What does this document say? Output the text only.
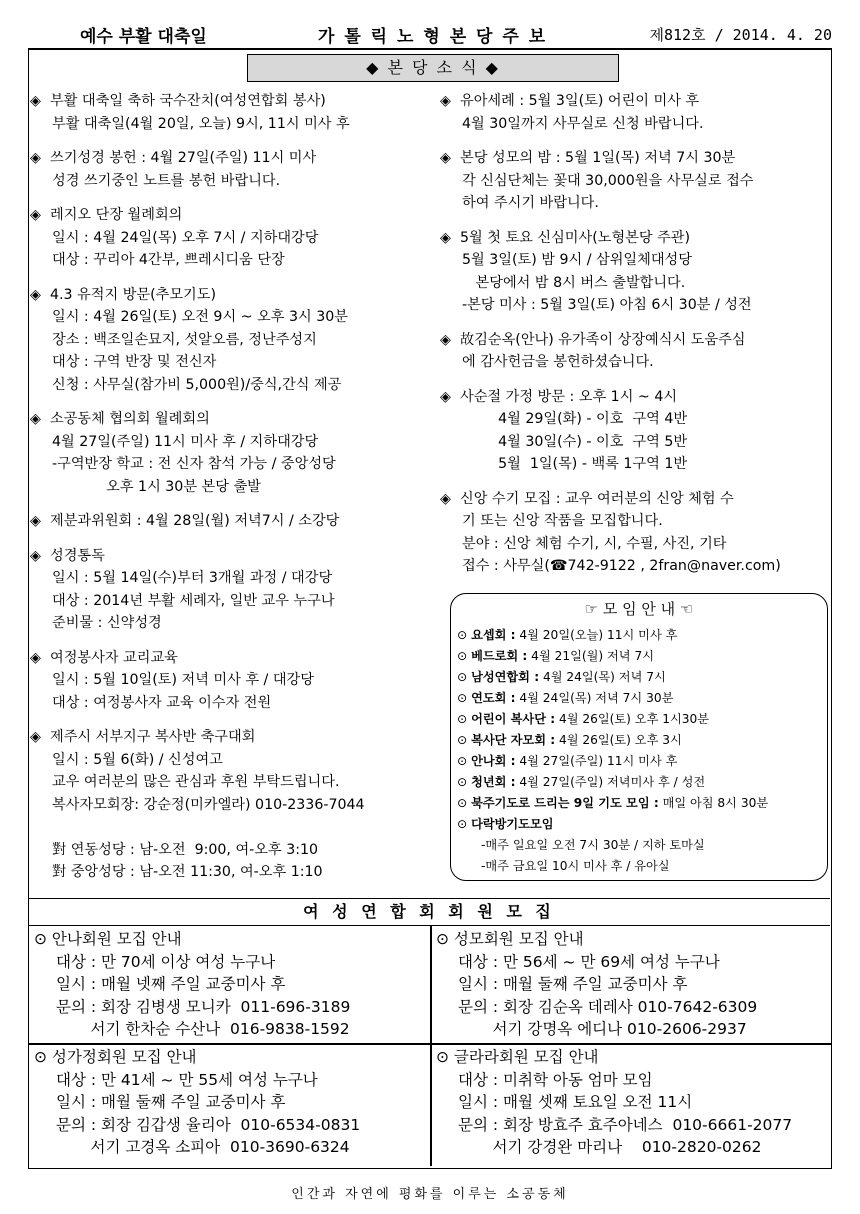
예수 부활 대축일	가 톨 릭 노 형 본 당 주 보	제812호 / 2014. 4. 20
◆ 본 당 소 식 ◆
◈ 부활 대축일 축하 국수잔치(여성연합회 봉사)
부활 대축일(4월 20일, 오늘) 9시, 11시 미사 후
◈ 쓰기성경 봉헌 : 4월 27일(주일) 11시 미사
성경 쓰기중인 노트를 봉헌 바랍니다.
◈ 레지오 단장 월례회의
일시 : 4월 24일(목) 오후 7시 / 지하대강당
대상 : 꾸리아 4간부, 쁘레시디움 단장
◈ 4.3 유적지 방문(추모기도)
일시 : 4월 26일(토) 오전 9시 ~ 오후 3시 30분
장소 : 백조일손묘지, 섯알오름, 정난주성지
대상 : 구역 반장 및 전신자
신청 : 사무실(참가비 5,000원)/중식,간식 제공
◈ 소공동체 협의회 월례회의
4월 27일(주일) 11시 미사 후 / 지하대강당
-구역반장 학교 : 전 신자 참석 가능 / 중앙성당
오후 1시 30분 본당 출발
◈ 제분과위원회 : 4월 28일(월) 저녁7시 / 소강당
◈ 성경통독
일시 : 5월 14일(수)부터 3개월 과정 / 대강당
대상 : 2014년 부활 세례자, 일반 교우 누구나
준비물 : 신약성경
◈ 여정봉사자 교리교육
일시 : 5월 10일(토) 저녁 미사 후 / 대강당
대상 : 여정봉사자 교육 이수자 전원
◈ 제주시 서부지구 복사반 축구대회
일시 : 5월 6(화) / 신성여고
교우 여러분의 많은 관심과 후원 부탁드립니다.
복사자모회장: 강순정(미카엘라) 010-2336-7044

對 연동성당 : 남-오전  9:00, 여-오후 3:10
對 중앙성당 : 남-오전 11:30, 여-오후 1:10
◈ 유아세례 : 5월 3일(토) 어린이 미사 후
4월 30일까지 사무실로 신청 바랍니다.
◈ 본당 성모의 밤 : 5월 1일(목) 저녁 7시 30분
각 신심단체는 꽃대 30,000원을 사무실로 접수
하여 주시기 바랍니다.
◈ 5월 첫 토요 신심미사(노형본당 주관)
5월 3일(토) 밤 9시 / 삼위일체대성당
본당에서 밤 8시 버스 출발합니다.
-본당 미사 : 5월 3일(토) 아침 6시 30분 / 성전
◈ 故김순옥(안나) 유가족이 상장예식시 도움주심
에 감사헌금을 봉헌하셨습니다.
◈ 사순절 가정 방문 : 오후 1시 ~ 4시
4월 29일(화) - 이호  구역 4반
4월 30일(수) - 이호  구역 5반
5월  1일(목) - 백록 1구역 1반
◈ 신앙 수기 모집 : 교우 여러분의 신앙 체험 수
기 또는 신앙 작품을 모집합니다.
분야 : 신앙 체험 수기, 시, 수필, 사진, 기타
접수 : 사무실(☎742-9122 , 2fran@naver.com)
☞ 모 임 안 내 ☜
⊙ 요셉회 : 4월 20일(오늘) 11시 미사 후
⊙ 베드로회 : 4월 21일(월) 저녁 7시
⊙ 남성연합회 : 4월 24일(목) 저녁 7시
⊙ 연도회 : 4월 24일(목) 저녁 7시 30분
⊙ 어린이 복사단 : 4월 26일(토) 오후 1시30분
⊙ 복사단 자모회 : 4월 26일(토) 오후 3시
⊙ 안나회 : 4월 27일(주일) 11시 미사 후
⊙ 청년회 : 4월 27일(주일) 저녁미사 후 / 성전
⊙ 북주기도로 드리는 9일 기도 모임 : 매일 아침 8시 30분
⊙ 다락방기도모임
-매주 일요일 오전 7시 30분 / 지하 토마실
-매주 금요일 10시 미사 후 / 유아실
여 성 연 합 회 회 원 모 집
⊙ 안나회원 모집 안내
대상 : 만 70세 이상 여성 누구나
일시 : 매월 넷째 주일 교중미사 후
문의 : 회장 김병생 모니카  011-696-3189
서기 한차순 수산나  016-9838-1592
⊙ 성모회원 모집 안내
대상 : 만 56세 ~ 만 69세 여성 누구나
일시 : 매월 둘째 주일 교중미사 후
문의 : 회장 김순옥 데레사 010-7642-6309
서기 강명옥 에디나 010-2606-2937
⊙ 성가정회원 모집 안내
대상 : 만 41세 ~ 만 55세 여성 누구나
일시 : 매월 둘째 주일 교중미사 후
문의 : 회장 김갑생 율리아  010-6534-0831
서기 고경옥 소피아  010-3690-6324
⊙ 글라라회원 모집 안내
대상 : 미취학 아동 엄마 모임
일시 : 매월 셋째 토요일 오전 11시
문의 : 회장 방효주 효주아네스  010-6661-2077
서기 강경완 마리나    010-2820-0262
인간과 자연에 평화를 이루는 소공동체
